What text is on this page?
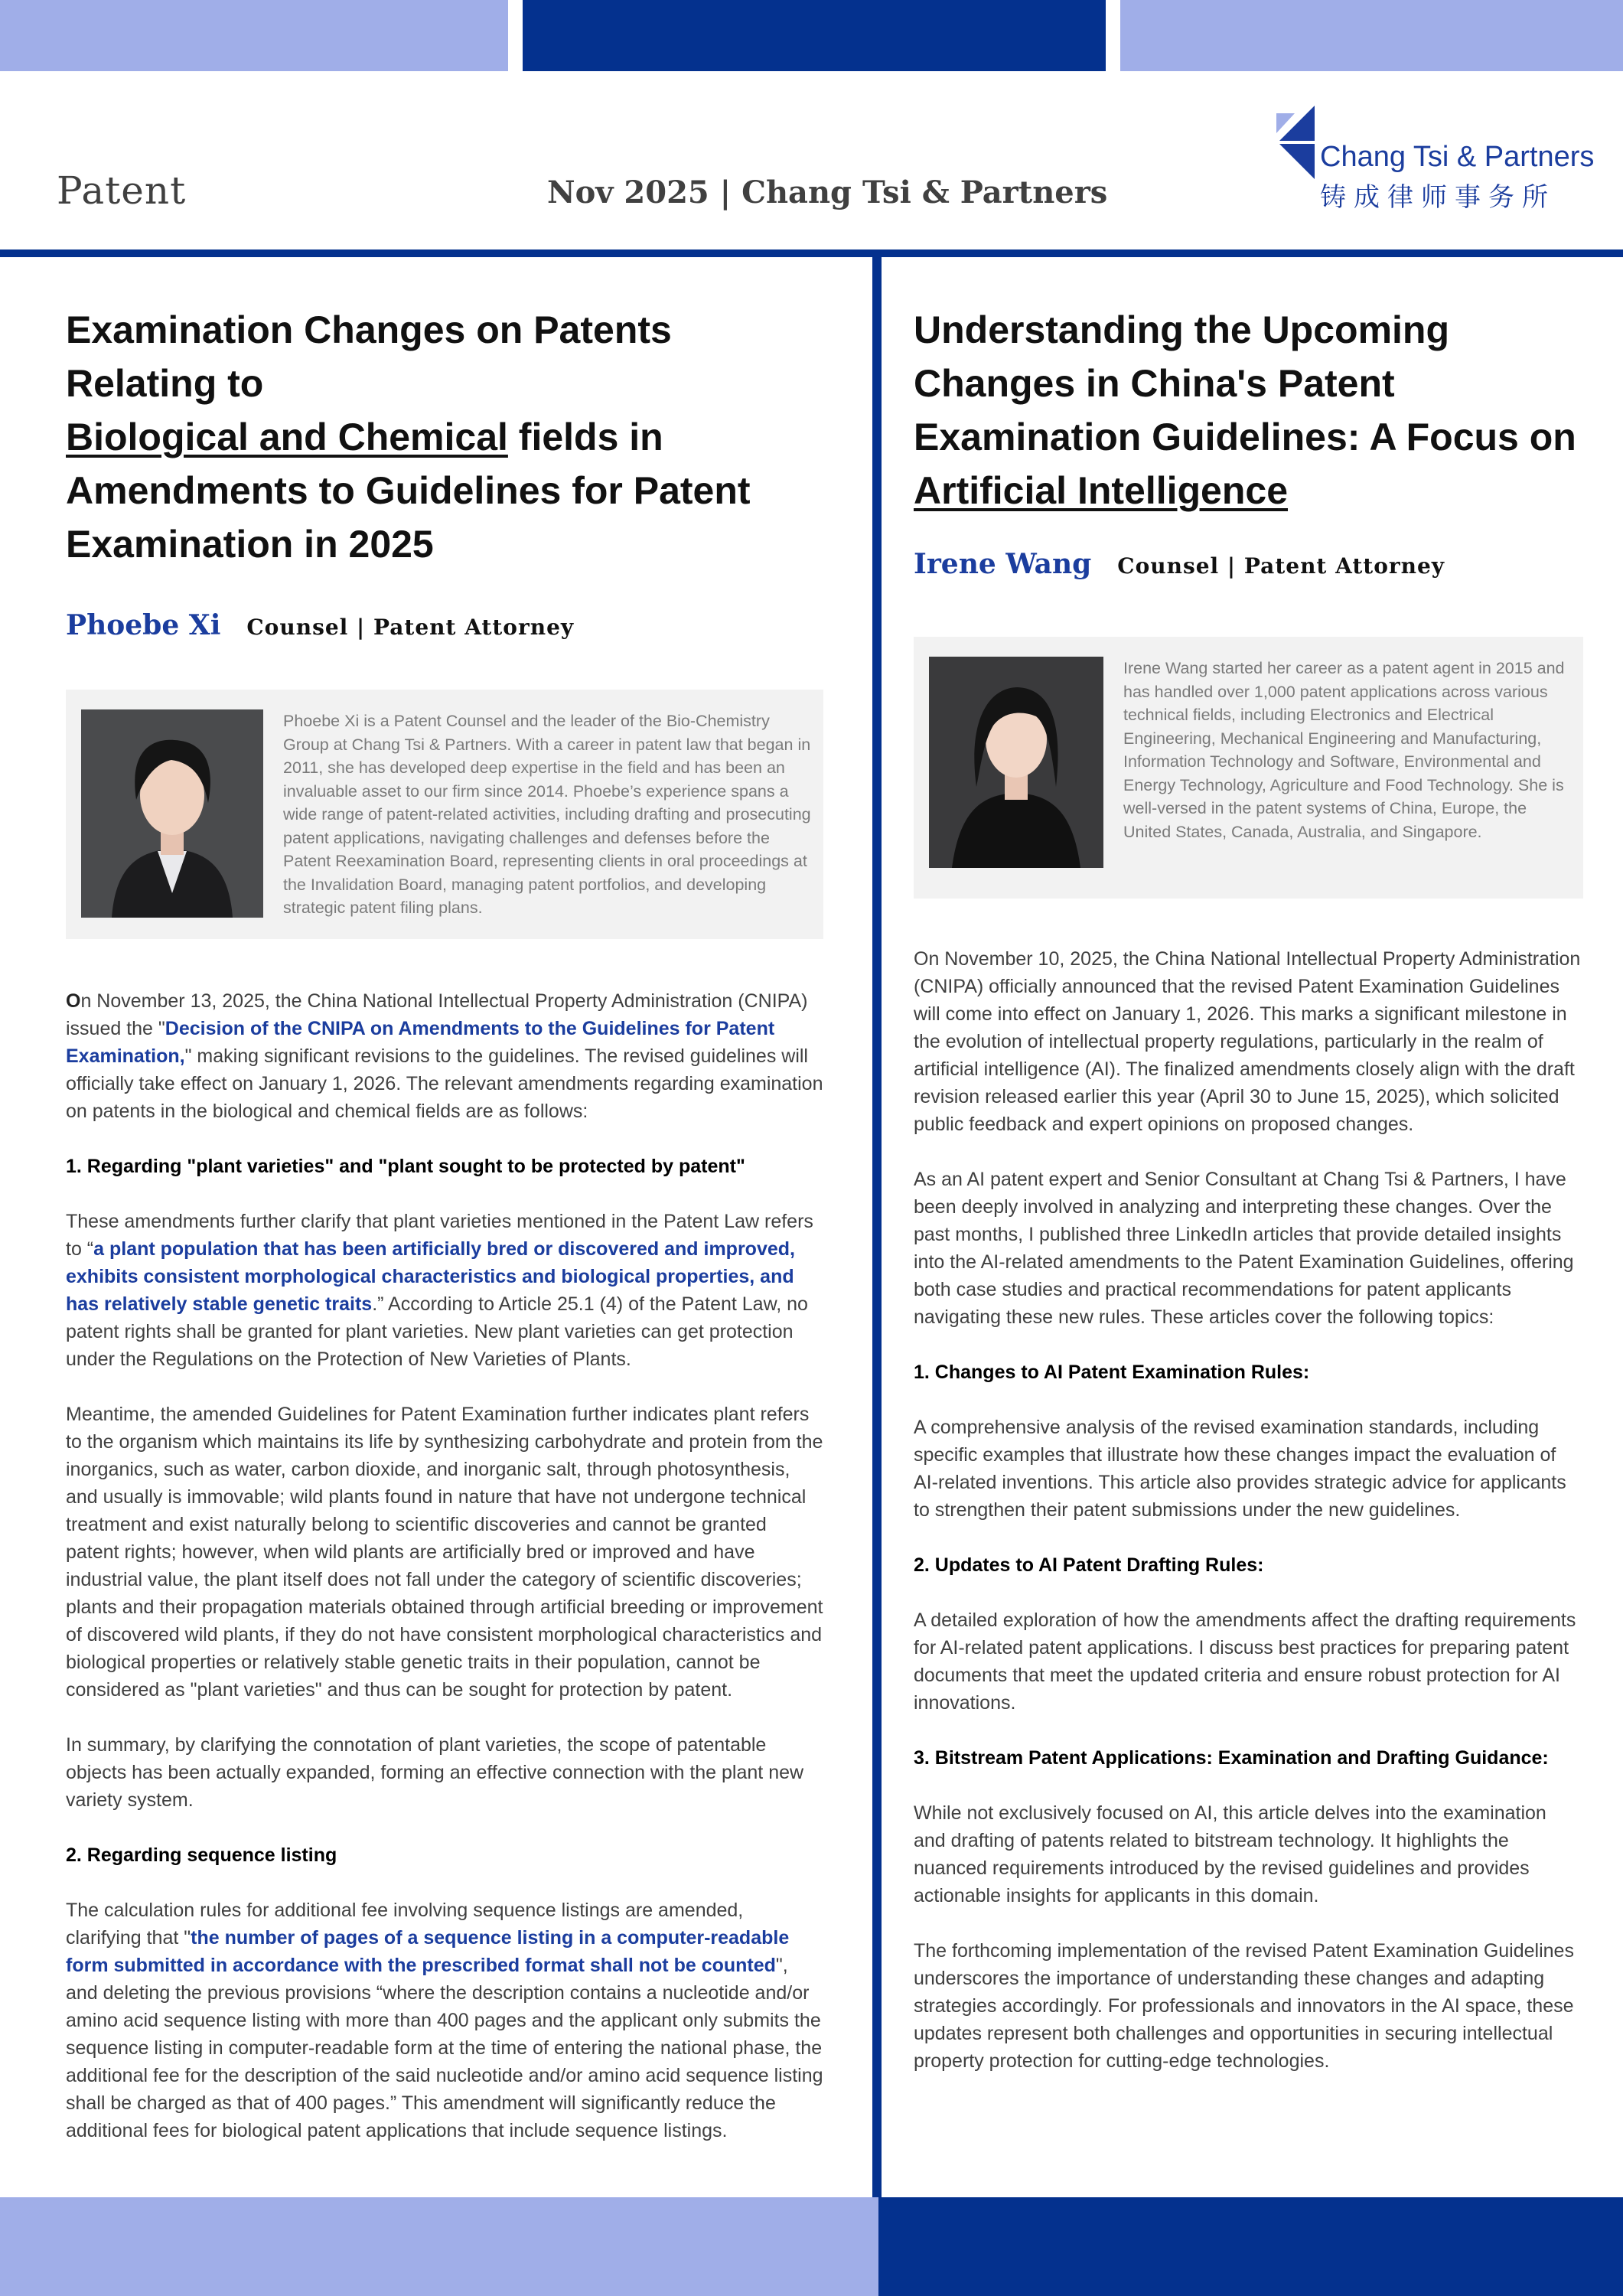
Patent	Nov 2025 | Chang Tsi & Partners
Chang Tsi & Partners
铸成律师事务所
Examination Changes on Patents Relating to
Biological and Chemical fields in Amendments to Guidelines for Patent Examination in 2025
Phoebe Xi Counsel | Patent Attorney

Phoebe Xi is a Patent Counsel and the leader of the Bio-Chemistry Group at Chang Tsi & Partners. With a career in patent law that began in 2011, she has developed deep expertise in the field and has been an invaluable asset to our firm since 2014. Phoebe’s experience spans a wide range of patent-related activities, including drafting and prosecuting patent applications, navigating challenges and defenses before the Patent Reexamination Board, representing clients in oral proceedings at the Invalidation Board, managing patent portfolios, and developing strategic patent filing plans.

On November 13, 2025, the China National Intellectual Property Administration (CNIPA) issued the "Decision of the CNIPA on Amendments to the Guidelines for Patent Examination," making significant revisions to the guidelines. The revised guidelines will officially take effect on January 1, 2026. The relevant amendments regarding examination on patents in the biological and chemical fields are as follows:

1. Regarding "plant varieties" and "plant sought to be protected by patent"

These amendments further clarify that plant varieties mentioned in the Patent Law refers to “a plant population that has been artificially bred or discovered and improved, exhibits consistent morphological characteristics and biological properties, and has relatively stable genetic traits.” According to Article 25.1 (4) of the Patent Law, no patent rights shall be granted for plant varieties. New plant varieties can get protection under the Regulations on the Protection of New Varieties of Plants.

Meantime, the amended Guidelines for Patent Examination further indicates plant refers to the organism which maintains its life by synthesizing carbohydrate and protein from the inorganics, such as water, carbon dioxide, and inorganic salt, through photosynthesis, and usually is immovable; wild plants found in nature that have not undergone technical treatment and exist naturally belong to scientific discoveries and cannot be granted patent rights; however, when wild plants are artificially bred or improved and have industrial value, the plant itself does not fall under the category of scientific discoveries; plants and their propagation materials obtained through artificial breeding or improvement of discovered wild plants, if they do not have consistent morphological characteristics and biological properties or relatively stable genetic traits in their population, cannot be considered as "plant varieties" and thus can be sought for protection by patent.

In summary, by clarifying the connotation of plant varieties, the scope of patentable objects has been actually expanded, forming an effective connection with the plant new variety system.

2. Regarding sequence listing

The calculation rules for additional fee involving sequence listings are amended, clarifying that "the number of pages of a sequence listing in a computer-readable form submitted in accordance with the prescribed format shall not be counted", and deleting the previous provisions “where the description contains a nucleotide and/or amino acid sequence listing with more than 400 pages and the applicant only submits the sequence listing in computer-readable form at the time of entering the national phase, the additional fee for the description of the said nucleotide and/or amino acid sequence listing shall be charged as that of 400 pages.” This amendment will significantly reduce the additional fees for biological patent applications that include sequence listings.

Understanding the Upcoming Changes in China's Patent Examination Guidelines: A Focus on Artificial Intelligence
Irene Wang Counsel | Patent Attorney

Irene Wang started her career as a patent agent in 2015 and has handled over 1,000 patent applications across various technical fields, including Electronics and Electrical Engineering, Mechanical Engineering and Manufacturing, Information Technology and Software, Environmental and Energy Technology, Agriculture and Food Technology. She is well-versed in the patent systems of China, Europe, the United States, Canada, Australia, and Singapore.

On November 10, 2025, the China National Intellectual Property Administration (CNIPA) officially announced that the revised Patent Examination Guidelines will come into effect on January 1, 2026. This marks a significant milestone in the evolution of intellectual property regulations, particularly in the realm of artificial intelligence (AI). The finalized amendments closely align with the draft revision released earlier this year (April 30 to June 15, 2025), which solicited public feedback and expert opinions on proposed changes.

As an AI patent expert and Senior Consultant at Chang Tsi & Partners, I have been deeply involved in analyzing and interpreting these changes. Over the past months, I published three LinkedIn articles that provide detailed insights into the AI-related amendments to the Patent Examination Guidelines, offering both case studies and practical recommendations for patent applicants navigating these new rules. These articles cover the following topics:

1. Changes to AI Patent Examination Rules:

A comprehensive analysis of the revised examination standards, including specific examples that illustrate how these changes impact the evaluation of AI-related inventions. This article also provides strategic advice for applicants to strengthen their patent submissions under the new guidelines.

2. Updates to AI Patent Drafting Rules:

A detailed exploration of how the amendments affect the drafting requirements for AI-related patent applications. I discuss best practices for preparing patent documents that meet the updated criteria and ensure robust protection for AI innovations.

3. Bitstream Patent Applications: Examination and Drafting Guidance:

While not exclusively focused on AI, this article delves into the examination and drafting of patents related to bitstream technology. It highlights the nuanced requirements introduced by the revised guidelines and provides actionable insights for applicants in this domain.

The forthcoming implementation of the revised Patent Examination Guidelines underscores the importance of understanding these changes and adapting strategies accordingly. For professionals and innovators in the AI space, these updates represent both challenges and opportunities in securing intellectual property protection for cutting-edge technologies.
